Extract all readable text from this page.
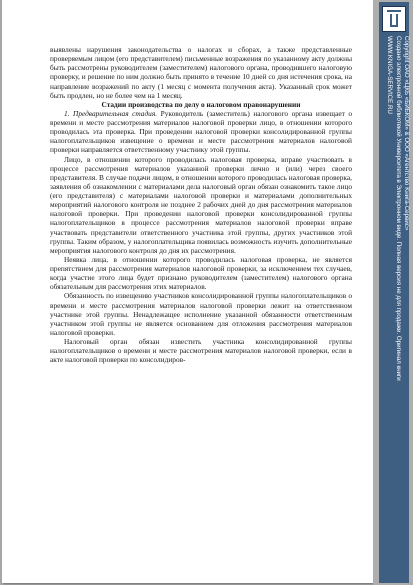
выявлены нарушения законодательства о налогах и сборах, а также представленные проверяемым лицом (его представителем) письменные возражения по указанному акту должны быть рассмотрены руководителем (заместителем) налогового органа, проводившего налоговую проверку, и решение по ним должно быть принято в течение 10 дней со дня истечения срока, на направление возражений по акту (1 месяц с момента получения акта). Указанный срок может быть продлен, но не более чем на 1 месяц.

Стадии производства по делу о налоговом правонарушении

1. Предварительная стадия. Руководитель (заместитель) налогового органа извещает о времени и месте рассмотрения материалов налоговой проверки лицо, в отношении которого проводилась эта проверка. При проведении налоговой проверки консолидированной группы налогоплательщиков извещение о времени и месте рассмотрения материалов налоговой проверки направляется ответственному участнику этой группы.

Лицо, в отношении которого проводилась налоговая проверка, вправе участвовать в процессе рассмотрения материалов указанной проверки лично и (или) через своего представителя. В случае подачи лицом, в отношении которого проводилась налоговая проверка, заявления об ознакомлении с материалами дела налоговый орган обязан ознакомить такое лицо (его представителя) с материалами налоговой проверки и материалами дополнительных мероприятий налогового контроля не позднее 2 рабочих дней до дня рассмотрения материалов налоговой проверки. При проведении налоговой проверки консолидированной группы налогоплательщиков в процессе рассмотрения материалов налоговой проверки вправе участвовать представители ответственного участника этой группы, других участников этой группы. Таким образом, у налогоплательщика появилась возможность изучить дополнительные мероприятия налогового контроля до дня их рассмотрения.

Неявка лица, в отношении которого проводилась налоговая проверка, не является препятствием для рассмотрения материалов налоговой проверки, за исключением тех случаев, когда участие этого лица будет признано руководителем (заместителем) налогового органа обязательным для рассмотрения этих материалов.

Обязанность по извещению участников консолидированной группы налогоплательщиков о времени и месте рассмотрения материалов налоговой проверки лежит на ответственном участнике этой группы. Ненадлежащее исполнение указанной обязанности ответственным участником этой группы не является основанием для отложения рассмотрения материалов налоговой проверки.

Налоговый орган обязан известить участника консолидированной группы налогоплательщиков о времени и месте рассмотрения материалов налоговой проверки, если в акте налоговой проверки по консолидиров-

Copyright ОАО «ЦКБ «БИБКОМ» & ООО «Aгентство Kнига-Cервис»
Создано электронной библиотекой Университета в Электронном виде. Полная версия не для продажи. Оригинал книги
WWW.KNIGA-SERVICE.RU
